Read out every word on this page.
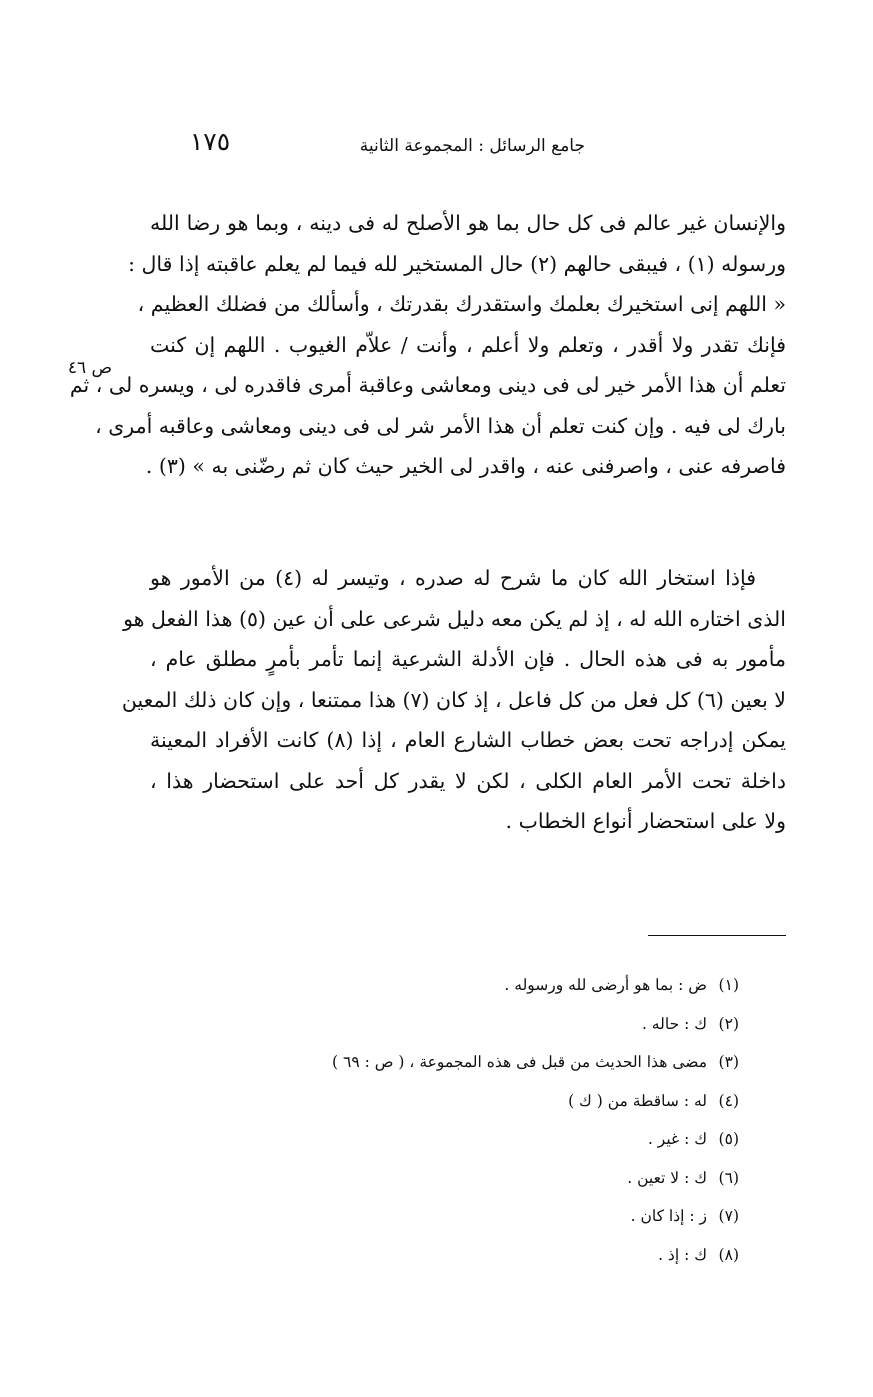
جامع الرسائل : المجموعة الثانية
١٧٥
ص ٤٦
والإنسان غير عالم فى كل حال بما هو الأصلح له فى دينه ، وبما هو رضا الله
ورسوله (١) ، فيبقى حالهم (٢) حال المستخير لله فيما لم يعلم عاقبته إذا قال :
« اللهم إنى استخيرك بعلمك واستقدرك بقدرتك ، وأسألك من فضلك العظيم ،
فإنك تقدر ولا أقدر ، وتعلم ولا أعلم ، وأنت / علاّم الغيوب . اللهم إن كنت
تعلم أن هذا الأمر خير لى فى دينى ومعاشى وعاقبة أمرى فاقدره لى ، ويسره لى ، ثم
بارك لى فيه . وإن كنت تعلم أن هذا الأمر شر لى فى دينى ومعاشى وعاقبه أمرى ،
فاصرفه عنى ، واصرفنى عنه ، واقدر لى الخير حيث كان ثم رضّنى به » (٣) .
فإذا استخار الله كان ما شرح له صدره ، وتيسر له (٤) من الأمور هو
الذى اختاره الله له ، إذ لم يكن معه دليل شرعى على أن عين (٥) هذا الفعل هو
مأمور به فى هذه الحال . فإن الأدلة الشرعية إنما تأمر بأمرٍ مطلق عام ،
لا بعين (٦) كل فعل من كل فاعل ، إذ كان (٧) هذا ممتنعا ، وإن كان ذلك المعين
يمكن إدراجه تحت بعض خطاب الشارع العام ، إذا (٨) كانت الأفراد المعينة
داخلة تحت الأمر العام الكلى ، لكن لا يقدر كل أحد على استحضار هذا ،
ولا على استحضار أنواع الخطاب .
(١)
ض : بما هو أرضى لله ورسوله .
(٢)
ك : حاله .
(٣)
مضى هذا الحديث من قبل فى هذه المجموعة ، ( ص : ٦٩ )
(٤)
له : ساقطة من ( ك )
(٥)
ك : غير .
(٦)
ك : لا تعين .
(٧)
ز : إذا كان .
(٨)
ك : إذ .
